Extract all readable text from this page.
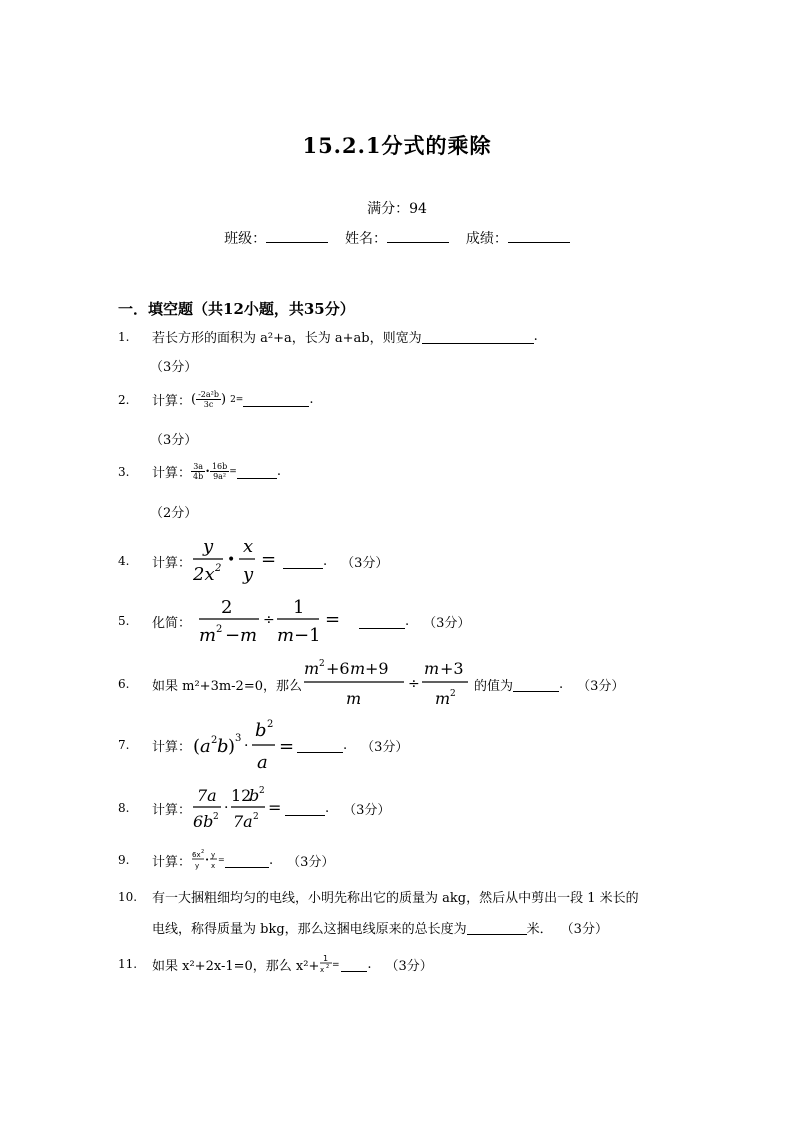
15.2.1分式的乘除
满分：94
班级：	姓名：	成绩：
一．填空题（共12小题，共35分）
1.	若长方形的面积为 a²+a，长为 a+ab，则宽为	.
（3分）
2.	计算： ( $\frac{\text{-2a²b}}{3c}$ ) 2=	.
（3分）
3.	计算： $\frac{3a}{4b}$ • $\frac{16b}{\text{9a²}}$ =	.
（2分）
4.	计算：
y
2x 2
•
x
y
=	. （3分）
5.	化简：
2
m 2 − m
÷
1
m −1
=	. （3分）
6.	如果 m²+3m-2=0，那么
m 2 +6 m +9
m
÷
m +3
m 2
的值为	. （3分）
7.	计算： ( a 2 b ) 3 ·
b 2
a
=	. （3分）
8.	计算：
7a
6b 2
·
12
b 2
7a 2 =	. （3分）
9.	计算： 6x 2
y
•
y
x
=	. （3分）
10.	有一大捆粗细均匀的电线，小明先称出它的质量为 akg，然后从中剪出一段 1 米长的
电线，称得质量为 bkg，那么这捆电线原来的总长度为	米． （3分）
11.	如果 x²+2x-1=0，那么 x²+ 1
x 2 = . （3分）
